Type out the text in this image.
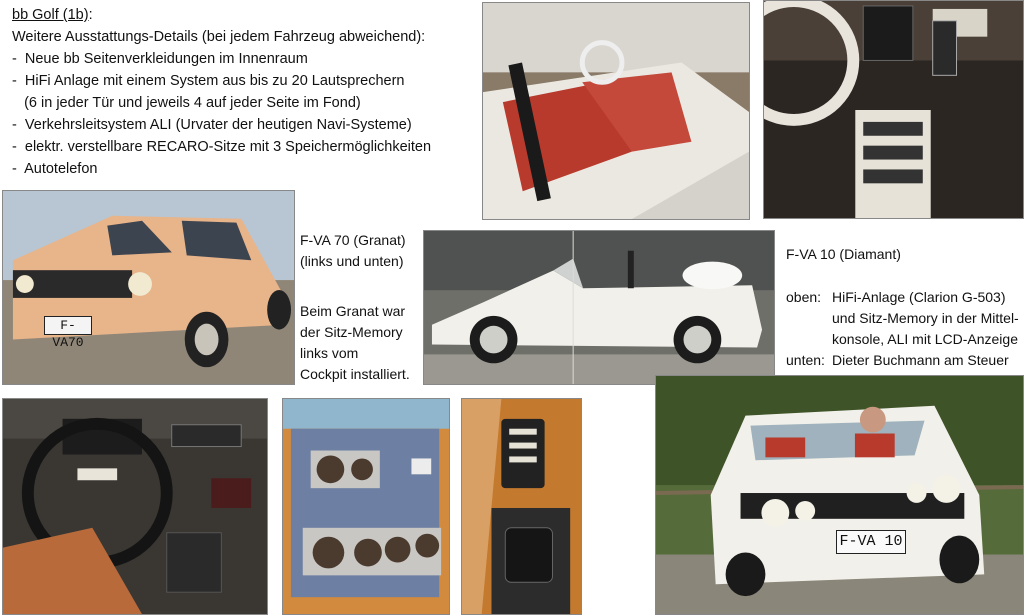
bb Golf (1b):
Weitere Ausstattungs-Details (bei jedem Fahrzeug abweichend):
-  Neue bb Seitenverkleidungen im Innenraum
-  HiFi Anlage mit einem System aus bis zu 20 Lautsprechern
(6 in jeder Tür und jeweils 4 auf jeder Seite im Fond)
-  Verkehrsleitsystem ALI (Urvater der heutigen Navi-Systeme)
-  elektr. verstellbare RECARO-Sitze mit 3 Speichermöglichkeiten
-  Autotelefon
F-VA70
F-VA 70 (Granat)
(links und unten)
Beim Granat war
der Sitz-Memory
links vom
Cockpit installiert.
F-VA 10 (Diamant)
oben: HiFi-Anlage (Clarion G-503)
und Sitz-Memory in der Mittel-
konsole, ALI mit LCD-Anzeige
unten: Dieter Buchmann am Steuer
F-VA 10
